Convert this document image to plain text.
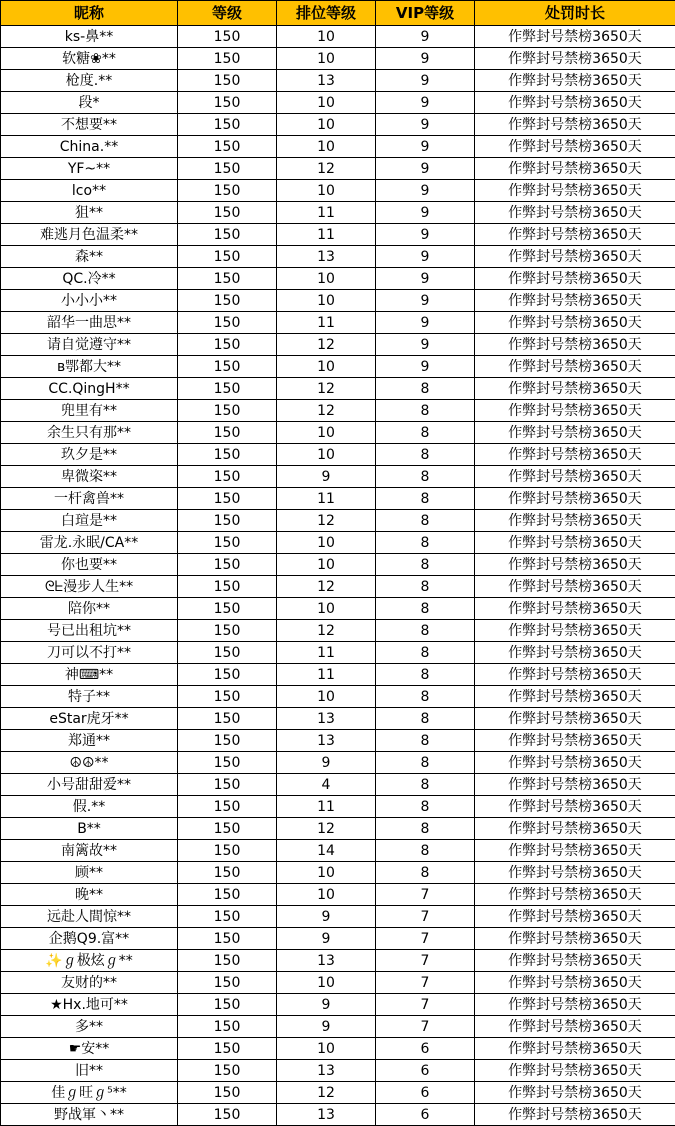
昵称	等级	排位等级	VIP等级	处罚时长
ks-鼻**	150	10	9	作弊封号禁榜3650天
软糖❀**	150	10	9	作弊封号禁榜3650天
枪度.**	150	13	9	作弊封号禁榜3650天
段*	150	10	9	作弊封号禁榜3650天
不想要**	150	10	9	作弊封号禁榜3650天
China.**	150	10	9	作弊封号禁榜3650天
YF~**	150	12	9	作弊封号禁榜3650天
lco**	150	10	9	作弊封号禁榜3650天
狙**	150	11	9	作弊封号禁榜3650天
难逃月色温柔**	150	11	9	作弊封号禁榜3650天
森**	150	13	9	作弊封号禁榜3650天
QC.冷**	150	10	9	作弊封号禁榜3650天
小小小**	150	10	9	作弊封号禁榜3650天
韶华一曲思**	150	11	9	作弊封号禁榜3650天
请自觉遵守**	150	12	9	作弊封号禁榜3650天
ʙ鄂都大**	150	10	9	作弊封号禁榜3650天
CC.QingH**	150	12	8	作弊封号禁榜3650天
兜里有**	150	12	8	作弊封号禁榜3650天
余生只有那**	150	10	8	作弊封号禁榜3650天
玖夕是**	150	10	8	作弊封号禁榜3650天
卑微栥**	150	9	8	作弊封号禁榜3650天
一杆禽兽**	150	11	8	作弊封号禁榜3650天
白瑄是**	150	12	8	作弊封号禁榜3650天
雷龙.永眠/CA**	150	10	8	作弊封号禁榜3650天
你也要**	150	10	8	作弊封号禁榜3650天
ᘓᖶ漫步人生**	150	12	8	作弊封号禁榜3650天
陪你**	150	10	8	作弊封号禁榜3650天
号已出租坑**	150	12	8	作弊封号禁榜3650天
刀可以不打**	150	11	8	作弊封号禁榜3650天
神⌨**	150	11	8	作弊封号禁榜3650天
特子**	150	10	8	作弊封号禁榜3650天
eStar虎牙**	150	13	8	作弊封号禁榜3650天
郑通**	150	13	8	作弊封号禁榜3650天
☮☮**	150	9	8	作弊封号禁榜3650天
小号甜甜爱**	150	4	8	作弊封号禁榜3650天
假.**	150	11	8	作弊封号禁榜3650天
B**	150	12	8	作弊封号禁榜3650天
南篱故**	150	14	8	作弊封号禁榜3650天
顾**	150	10	8	作弊封号禁榜3650天
晚**	150	10	7	作弊封号禁榜3650天
远赴人間惊**	150	9	7	作弊封号禁榜3650天
企鹅Q9.富**	150	9	7	作弊封号禁榜3650天
✨ℊ极炫ℊ**	150	13	7	作弊封号禁榜3650天
友财的**	150	10	7	作弊封号禁榜3650天
★Hx.地可**	150	9	7	作弊封号禁榜3650天
多**	150	9	7	作弊封号禁榜3650天
☛安**	150	10	6	作弊封号禁榜3650天
旧**	150	13	6	作弊封号禁榜3650天
佳ℊ旺ℊ⁵**	150	12	6	作弊封号禁榜3650天
野战軍丶**	150	13	6	作弊封号禁榜3650天
